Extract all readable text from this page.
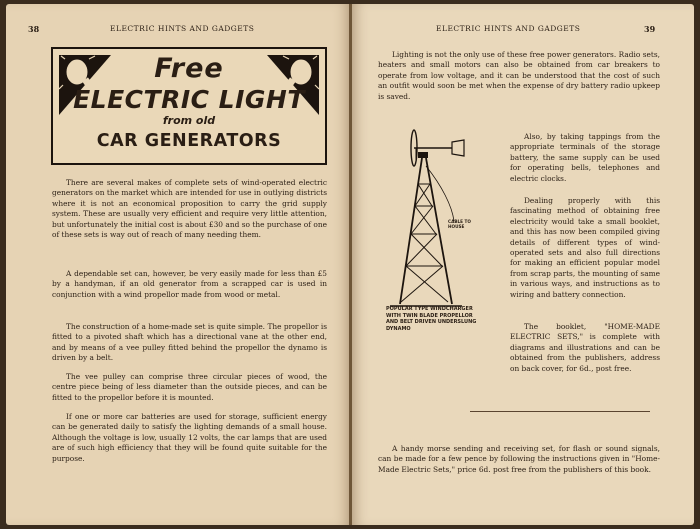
38	ELECTRIC HINTS AND GADGETS
Free
ELECTRIC LIGHT
from old
CAR GENERATORS

There are several makes of complete sets of wind-operated electric generators on the market which are intended for use in outlying districts where it is not an economical proposition to carry the grid supply system. These are usually very efficient and require very little attention, but unfortunately the initial cost is about £30 and so the purchase of one of these sets is way out of reach of many needing them.

A dependable set can, however, be very easily made for less than £5 by a handyman, if an old generator from a scrapped car is used in conjunction with a wind propellor made from wood or metal.

The construction of a home-made set is quite simple. The propellor is fitted to a pivoted shaft which has a directional vane at the other end, and by means of a vee pulley fitted behind the propellor the dynamo is driven by a belt.

The vee pulley can comprise three circular pieces of wood, the centre piece being of less diameter than the outside pieces, and can be fitted to the propellor before it is mounted.

If one or more car batteries are used for storage, sufficient energy can be generated daily to satisfy the lighting demands of a small house. Although the voltage is low, usually 12 volts, the car lamps that are used are of such high efficiency that they will be found quite suitable for the purpose.

ELECTRIC HINTS AND GADGETS	39

Lighting is not the only use of these free power generators. Radio sets, heaters and small motors can also be obtained from car breakers to operate from low voltage, and it can be understood that the cost of such an outfit would soon be met when the expense of dry battery radio upkeep is saved.

CABLE TO HOUSE
POPULAR TYPE WINDCHARGER WITH TWIN BLADE PROPELLOR AND BELT DRIVEN UNDERSLUNG DYNAMO

Also, by taking tappings from the appropriate terminals of the storage battery, the same supply can be used for operating bells, telephones and electric clocks.

Dealing properly with this fascinating method of obtaining free electricity would take a small booklet, and this has now been compiled giving details of different types of wind-operated sets and also full directions for making an efficient popular model from scrap parts, the mounting of same in various ways, and instructions as to wiring and battery connection.

The booklet, "HOME-MADE ELECTRIC SETS," is complete with diagrams and illustrations and can be obtained from the publishers, address on back cover, for 6d., post free.

A handy morse sending and receiving set, for flash or sound signals, can be made for a few pence by following the instructions given in "Home-Made Electric Sets," price 6d. post free from the publishers of this book.
